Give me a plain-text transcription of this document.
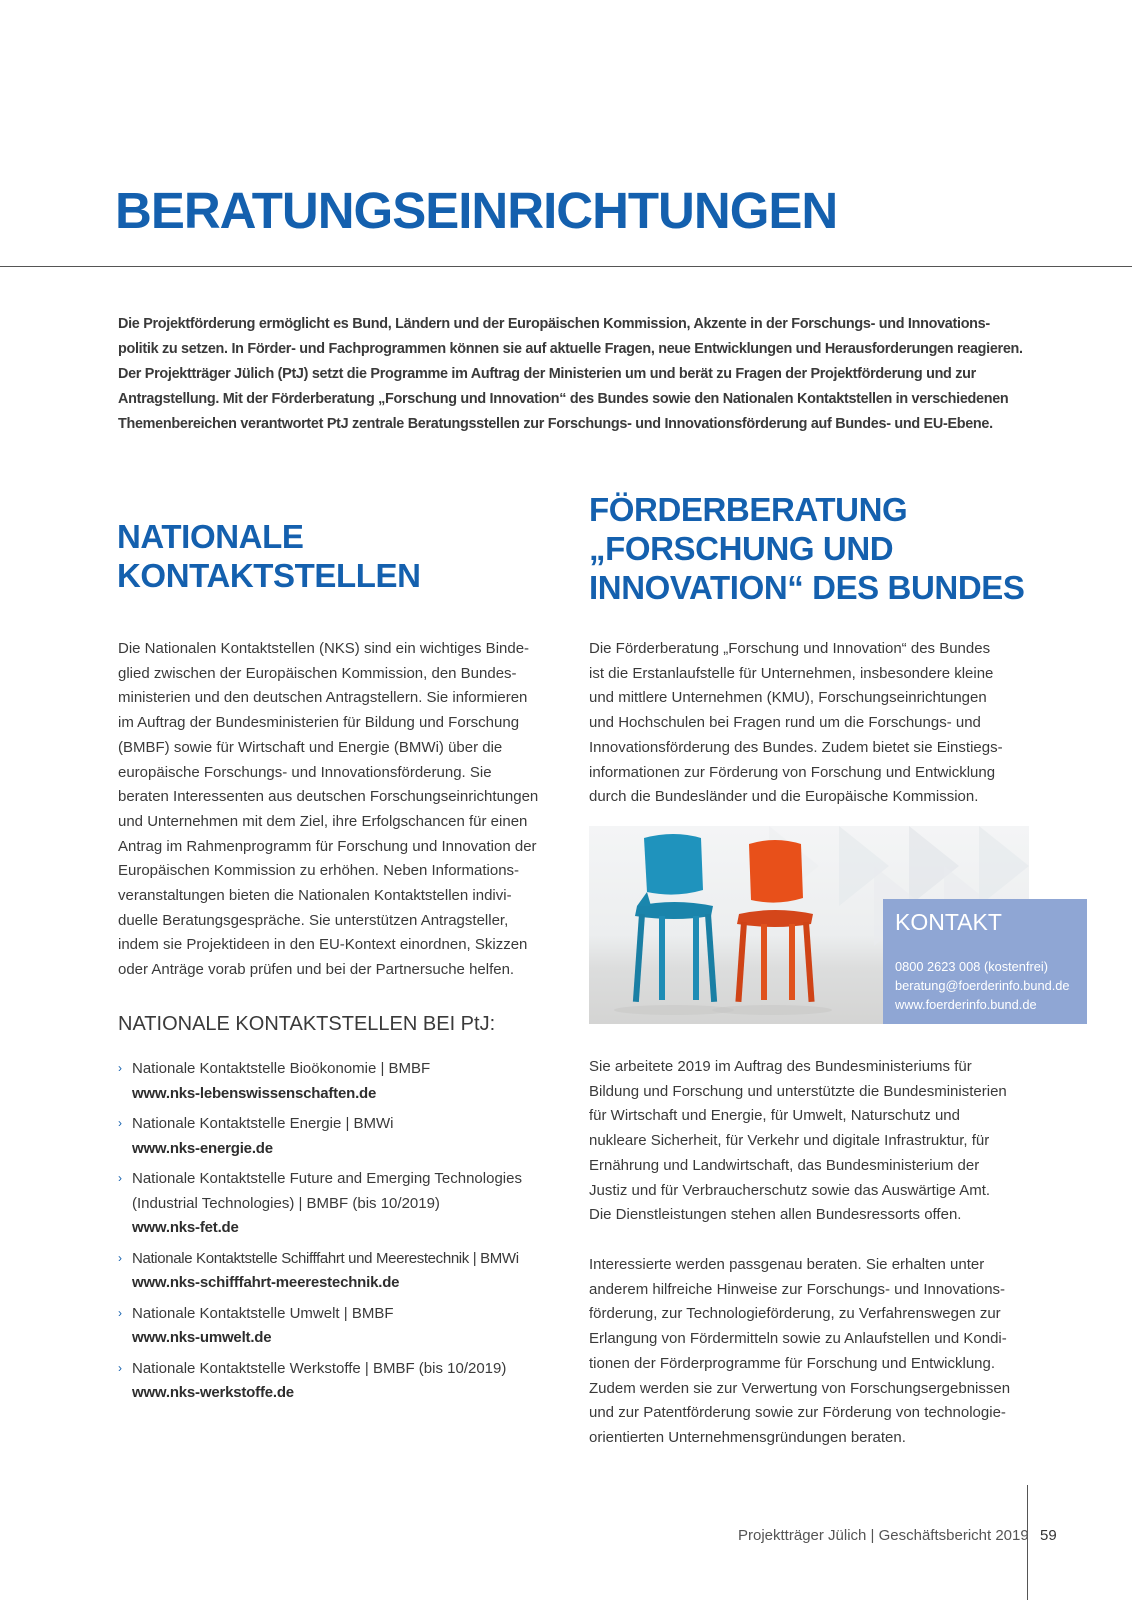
BERATUNGSEINRICHTUNGEN
Die Projektförderung ermöglicht es Bund, Ländern und der Europäischen Kommission, Akzente in der Forschungs- und Innovations-
politik zu setzen. In Förder- und Fachprogrammen können sie auf aktuelle Fragen, neue Entwicklungen und Herausforderungen reagieren.
Der Projektträger Jülich (PtJ) setzt die Programme im Auftrag der Ministerien um und berät zu Fragen der Projektförderung und zur
Antragstellung. Mit der Förderberatung „Forschung und Innovation“ des Bundes sowie den Nationalen Kontaktstellen in verschiedenen
Themenbereichen verantwortet PtJ zentrale Beratungsstellen zur Forschungs- und Innovationsförderung auf Bundes- und EU-Ebene.
NATIONALE
KONTAKTSTELLEN
Die Nationalen Kontaktstellen (NKS) sind ein wichtiges Binde-
glied zwischen der Europäischen Kommission, den Bundes-
ministerien und den deutschen Antragstellern. Sie informieren
im Auftrag der Bundesministerien für Bildung und Forschung
(BMBF) sowie für Wirtschaft und Energie (BMWi) über die
europäische Forschungs- und Innovationsförderung. Sie
beraten Interessenten aus deutschen Forschungseinrichtungen
und Unternehmen mit dem Ziel, ihre Erfolgschancen für einen
Antrag im Rahmenprogramm für Forschung und Innovation der
Europäischen Kommission zu erhöhen. Neben Informations-
veranstaltungen bieten die Nationalen Kontaktstellen indivi-
duelle Beratungsgespräche. Sie unterstützen Antragsteller,
indem sie Projektideen in den EU-Kontext einordnen, Skizzen
oder Anträge vorab prüfen und bei der Partnersuche helfen.
NATIONALE KONTAKTSTELLEN BEI PtJ:
› Nationale Kontaktstelle Bioökonomie | BMBF
www.nks-lebenswissenschaften.de
› Nationale Kontaktstelle Energie | BMWi
www.nks-energie.de
› Nationale Kontaktstelle Future and Emerging Technologies
(Industrial Technologies) | BMBF (bis 10/2019)
www.nks-fet.de
› Nationale Kontaktstelle Schifffahrt und Meerestechnik | BMWi
www.nks-schifffahrt-meerestechnik.de
› Nationale Kontaktstelle Umwelt | BMBF
www.nks-umwelt.de
› Nationale Kontaktstelle Werkstoffe | BMBF (bis 10/2019)
www.nks-werkstoffe.de
FÖRDERBERATUNG
„FORSCHUNG UND
INNOVATION“ DES BUNDES
Die Förderberatung „Forschung und Innovation“ des Bundes
ist die Erstanlaufstelle für Unternehmen, insbesondere kleine
und mittlere Unternehmen (KMU), Forschungseinrichtungen
und Hochschulen bei Fragen rund um die Forschungs- und
Innovationsförderung des Bundes. Zudem bietet sie Einstiegs-
informationen zur Förderung von Forschung und Entwicklung
durch die Bundesländer und die Europäische Kommission.
KONTAKT
0800 2623 008 (kostenfrei)
beratung@foerderinfo.bund.de
www.foerderinfo.bund.de
Sie arbeitete 2019 im Auftrag des Bundesministeriums für
Bildung und Forschung und unterstützte die Bundesministerien
für Wirtschaft und Energie, für Umwelt, Naturschutz und
nukleare Sicherheit, für Verkehr und digitale Infrastruktur, für
Ernährung und Landwirtschaft, das Bundesministerium der
Justiz und für Verbraucherschutz sowie das Auswärtige Amt.
Die Dienstleistungen stehen allen Bundesressorts offen.
Interessierte werden passgenau beraten. Sie erhalten unter
anderem hilfreiche Hinweise zur Forschungs- und Innovations-
förderung, zur Technologieförderung, zu Verfahrenswegen zur
Erlangung von Fördermitteln sowie zu Anlaufstellen und Kondi-
tionen der Förderprogramme für Forschung und Entwicklung.
Zudem werden sie zur Verwertung von Forschungsergebnissen
und zur Patentförderung sowie zur Förderung von technologie-
orientierten Unternehmensgründungen beraten.
Projektträger Jülich | Geschäftsbericht 2019 59
